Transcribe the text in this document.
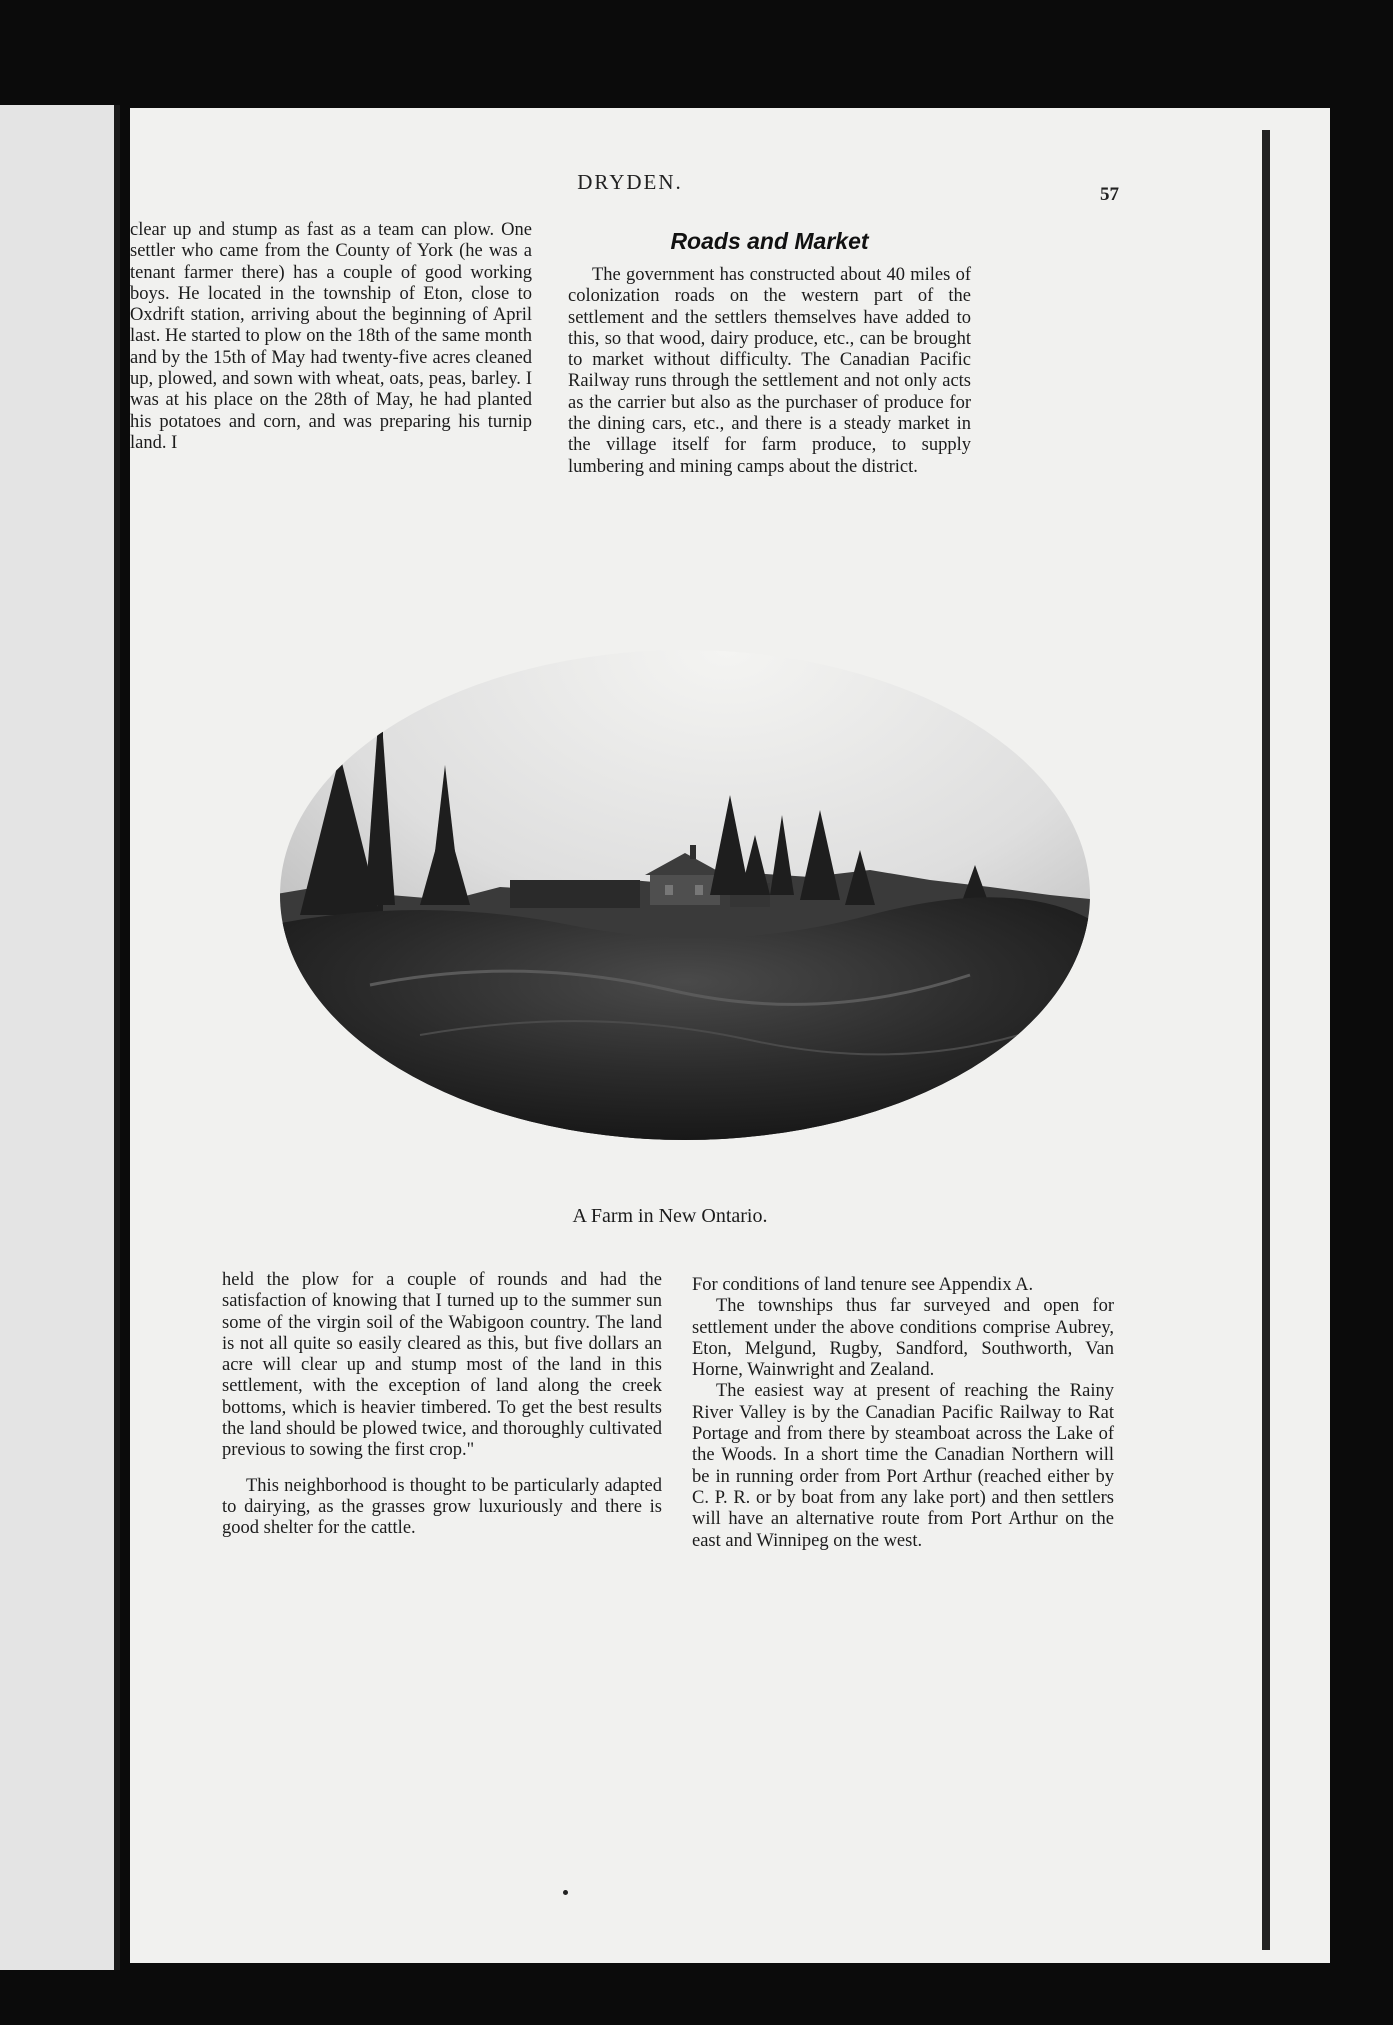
DRYDEN.
57

clear up and stump as fast as a team can plow. One settler who came from the County of York (he was a tenant farmer there) has a couple of good working boys. He located in the township of Eton, close to Oxdrift station, arriving about the beginning of April last. He started to plow on the 18th of the same month and by the 15th of May had twenty-five acres cleaned up, plowed, and sown with wheat, oats, peas, barley. I was at his place on the 28th of May, he had planted his potatoes and corn, and was preparing his turnip land. I

Roads and Market

The government has constructed about 40 miles of colonization roads on the western part of the settlement and the settlers themselves have added to this, so that wood, dairy produce, etc., can be brought to market without difficulty. The Canadian Pacific Railway runs through the settlement and not only acts as the carrier but also as the purchaser of produce for the dining cars, etc., and there is a steady market in the village itself for farm produce, to supply lumbering and mining camps about the district.

A Farm in New Ontario.

held the plow for a couple of rounds and had the satisfaction of knowing that I turned up to the summer sun some of the virgin soil of the Wabigoon country. The land is not all quite so easily cleared as this, but five dollars an acre will clear up and stump most of the land in this settlement, with the exception of land along the creek bottoms, which is heavier timbered. To get the best results the land should be plowed twice, and thoroughly cultivated previous to sowing the first crop."

This neighborhood is thought to be particularly adapted to dairying, as the grasses grow luxuriously and there is good shelter for the cattle.

For conditions of land tenure see Appendix A.

The townships thus far surveyed and open for settlement under the above conditions comprise Aubrey, Eton, Melgund, Rugby, Sandford, Southworth, Van Horne, Wainwright and Zealand.

The easiest way at present of reaching the Rainy River Valley is by the Canadian Pacific Railway to Rat Portage and from there by steamboat across the Lake of the Woods. In a short time the Canadian Northern will be in running order from Port Arthur (reached either by C. P. R. or by boat from any lake port) and then settlers will have an alternative route from Port Arthur on the east and Winnipeg on the west.
